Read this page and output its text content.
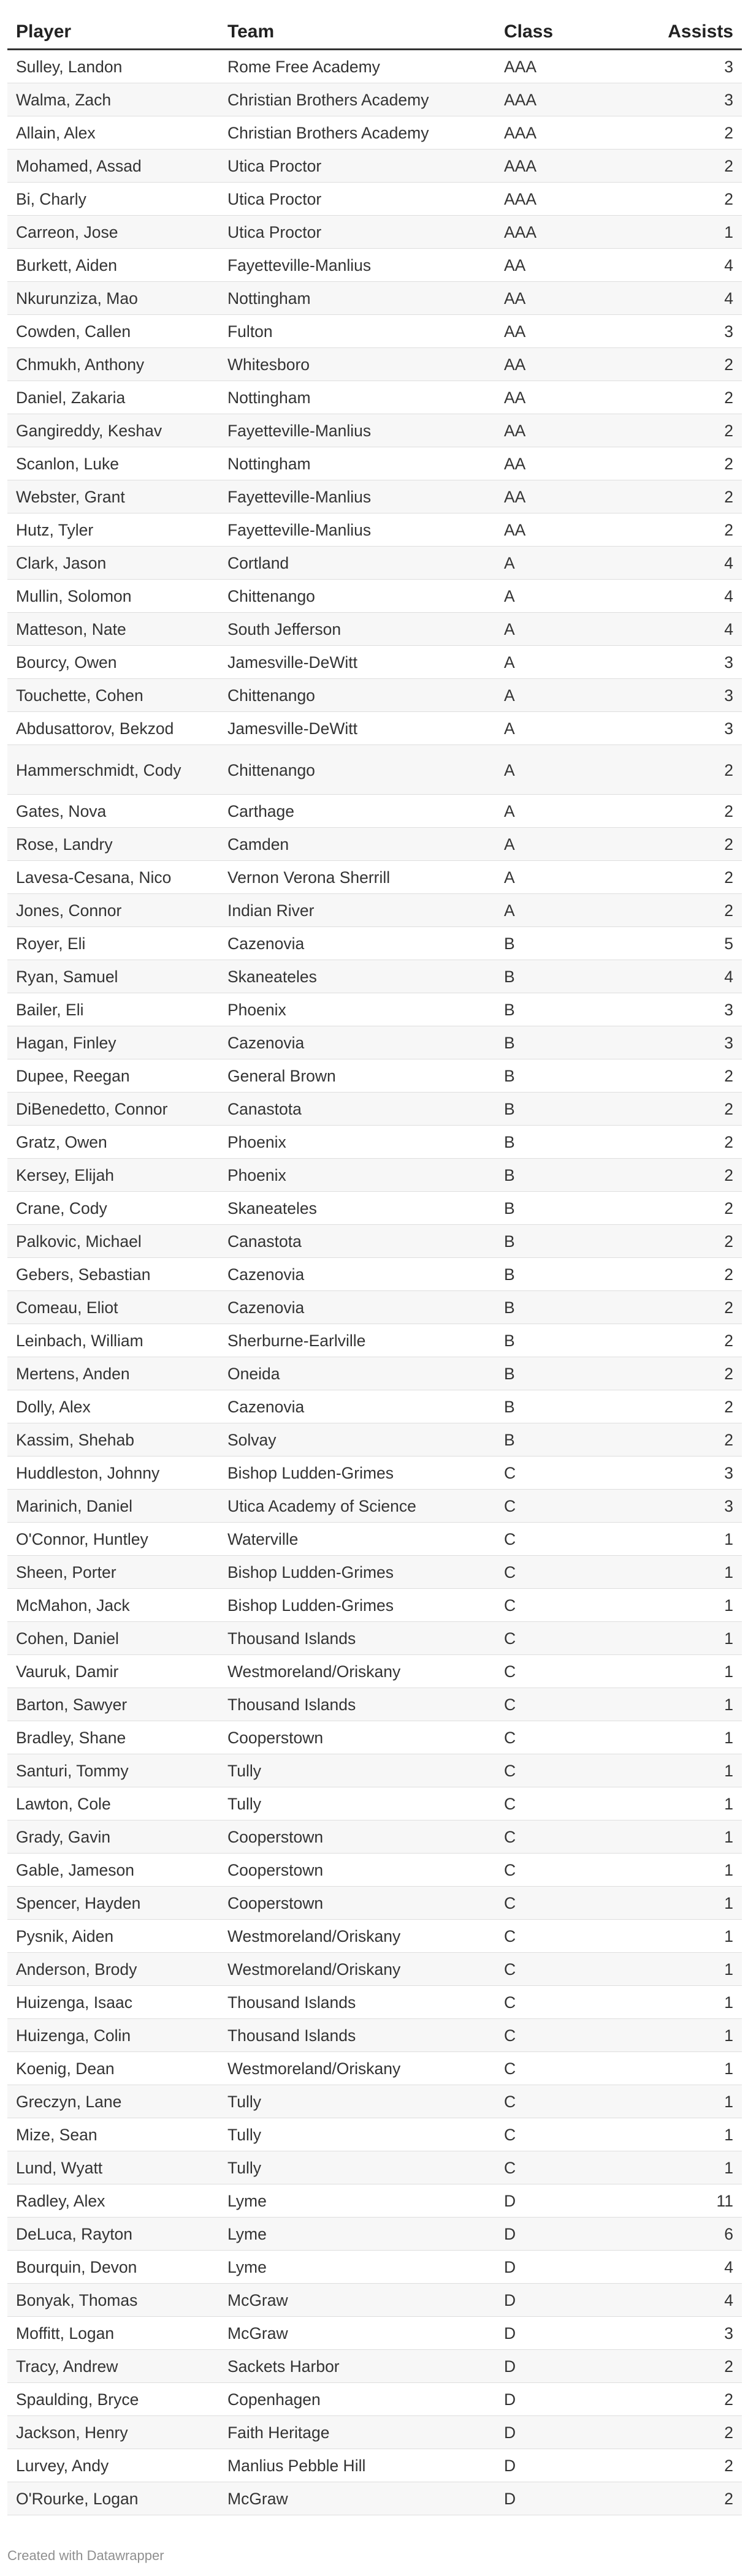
Player	Team	Class	Assists
Sulley, Landon	Rome Free Academy	AAA	3
Walma, Zach	Christian Brothers Academy	AAA	3
Allain, Alex	Christian Brothers Academy	AAA	2
Mohamed, Assad	Utica Proctor	AAA	2
Bi, Charly	Utica Proctor	AAA	2
Carreon, Jose	Utica Proctor	AAA	1
Burkett, Aiden	Fayetteville-Manlius	AA	4
Nkurunziza, Mao	Nottingham	AA	4
Cowden, Callen	Fulton	AA	3
Chmukh, Anthony	Whitesboro	AA	2
Daniel, Zakaria	Nottingham	AA	2
Gangireddy, Keshav	Fayetteville-Manlius	AA	2
Scanlon, Luke	Nottingham	AA	2
Webster, Grant	Fayetteville-Manlius	AA	2
Hutz, Tyler	Fayetteville-Manlius	AA	2
Clark, Jason	Cortland	A	4
Mullin, Solomon	Chittenango	A	4
Matteson, Nate	South Jefferson	A	4
Bourcy, Owen	Jamesville-DeWitt	A	3
Touchette, Cohen	Chittenango	A	3
Abdusattorov, Bekzod	Jamesville-DeWitt	A	3
Hammerschmidt, Cody	Chittenango	A	2
Gates, Nova	Carthage	A	2
Rose, Landry	Camden	A	2
Lavesa-Cesana, Nico	Vernon Verona Sherrill	A	2
Jones, Connor	Indian River	A	2
Royer, Eli	Cazenovia	B	5
Ryan, Samuel	Skaneateles	B	4
Bailer, Eli	Phoenix	B	3
Hagan, Finley	Cazenovia	B	3
Dupee, Reegan	General Brown	B	2
DiBenedetto, Connor	Canastota	B	2
Gratz, Owen	Phoenix	B	2
Kersey, Elijah	Phoenix	B	2
Crane, Cody	Skaneateles	B	2
Palkovic, Michael	Canastota	B	2
Gebers, Sebastian	Cazenovia	B	2
Comeau, Eliot	Cazenovia	B	2
Leinbach, William	Sherburne-Earlville	B	2
Mertens, Anden	Oneida	B	2
Dolly, Alex	Cazenovia	B	2
Kassim, Shehab	Solvay	B	2
Huddleston, Johnny	Bishop Ludden-Grimes	C	3
Marinich, Daniel	Utica Academy of Science	C	3
O'Connor, Huntley	Waterville	C	1
Sheen, Porter	Bishop Ludden-Grimes	C	1
McMahon, Jack	Bishop Ludden-Grimes	C	1
Cohen, Daniel	Thousand Islands	C	1
Vauruk, Damir	Westmoreland/Oriskany	C	1
Barton, Sawyer	Thousand Islands	C	1
Bradley, Shane	Cooperstown	C	1
Santuri, Tommy	Tully	C	1
Lawton, Cole	Tully	C	1
Grady, Gavin	Cooperstown	C	1
Gable, Jameson	Cooperstown	C	1
Spencer, Hayden	Cooperstown	C	1
Pysnik, Aiden	Westmoreland/Oriskany	C	1
Anderson, Brody	Westmoreland/Oriskany	C	1
Huizenga, Isaac	Thousand Islands	C	1
Huizenga, Colin	Thousand Islands	C	1
Koenig, Dean	Westmoreland/Oriskany	C	1
Greczyn, Lane	Tully	C	1
Mize, Sean	Tully	C	1
Lund, Wyatt	Tully	C	1
Radley, Alex	Lyme	D	11
DeLuca, Rayton	Lyme	D	6
Bourquin, Devon	Lyme	D	4
Bonyak, Thomas	McGraw	D	4
Moffitt, Logan	McGraw	D	3
Tracy, Andrew	Sackets Harbor	D	2
Spaulding, Bryce	Copenhagen	D	2
Jackson, Henry	Faith Heritage	D	2
Lurvey, Andy	Manlius Pebble Hill	D	2
O'Rourke, Logan	McGraw	D	2
Created with Datawrapper
